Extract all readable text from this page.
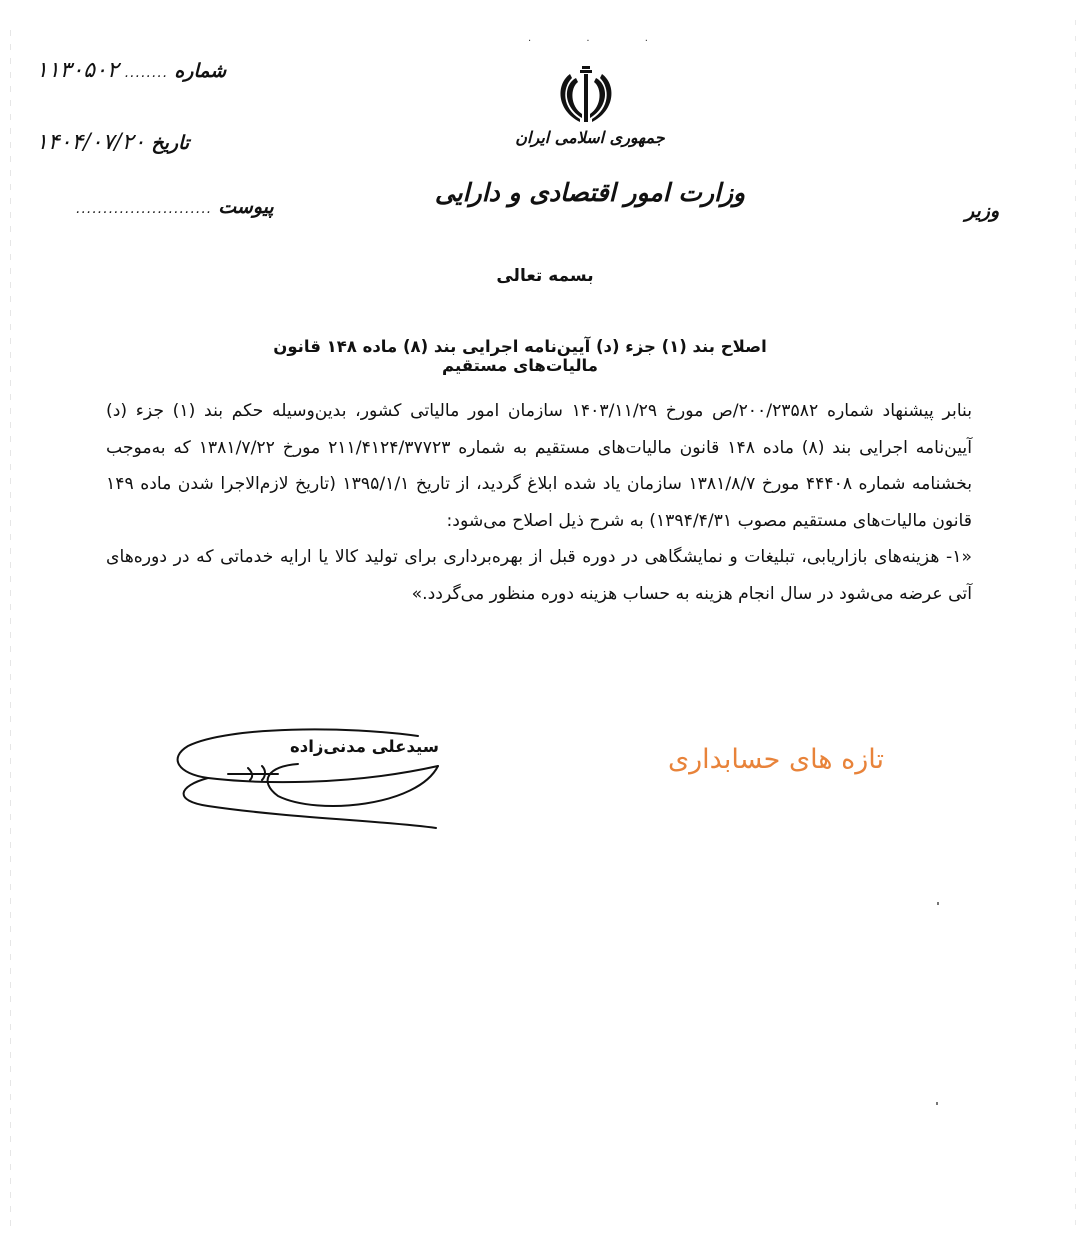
. . .
شماره
........
۱۱۳۰۵۰۲
تاریخ
۱۴۰۴/۰۷/۲۰
پیوست
.........................
جمهوری اسلامی ایران
وزارت امور اقتصادی و دارایی
وزیر
بسمه تعالی
اصلاح بند (۱) جزء (د) آیین‌نامه اجرایی بند (۸) ماده ۱۴۸ قانون مالیات‌های مستقیم

بنابر پیشنهاد شماره ۲۰۰/۲۳۵۸۲/ص مورخ ۱۴۰۳/۱۱/۲۹ سازمان امور مالیاتی کشور، بدین‌وسیله حکم بند (۱) جزء (د) آیین‌نامه اجرایی بند (۸) ماده ۱۴۸ قانون مالیات‌های مستقیم به شماره ۲۱۱/۴۱۲۴/۳۷۷۲۳ مورخ ۱۳۸۱/۷/۲۲ که به‌موجب بخشنامه شماره ۴۴۴۰۸ مورخ ۱۳۸۱/۸/۷ سازمان یاد شده ابلاغ گردید، از تاریخ ۱۳۹۵/۱/۱ (تاریخ لازم‌الاجرا شدن ماده ۱۴۹ قانون مالیات‌های مستقیم مصوب ۱۳۹۴/۴/۳۱) به شرح ذیل اصلاح می‌شود:

«۱- هزینه‌های بازاریابی، تبلیغات و نمایشگاهی در دوره قبل از بهره‌برداری برای تولید کالا یا ارایه خدماتی که در دوره‌های آتی عرضه می‌شود در سال انجام هزینه به حساب هزینه دوره منظور می‌گردد.»

سیدعلی مدنی‌زاده	تازه های حسابداری
